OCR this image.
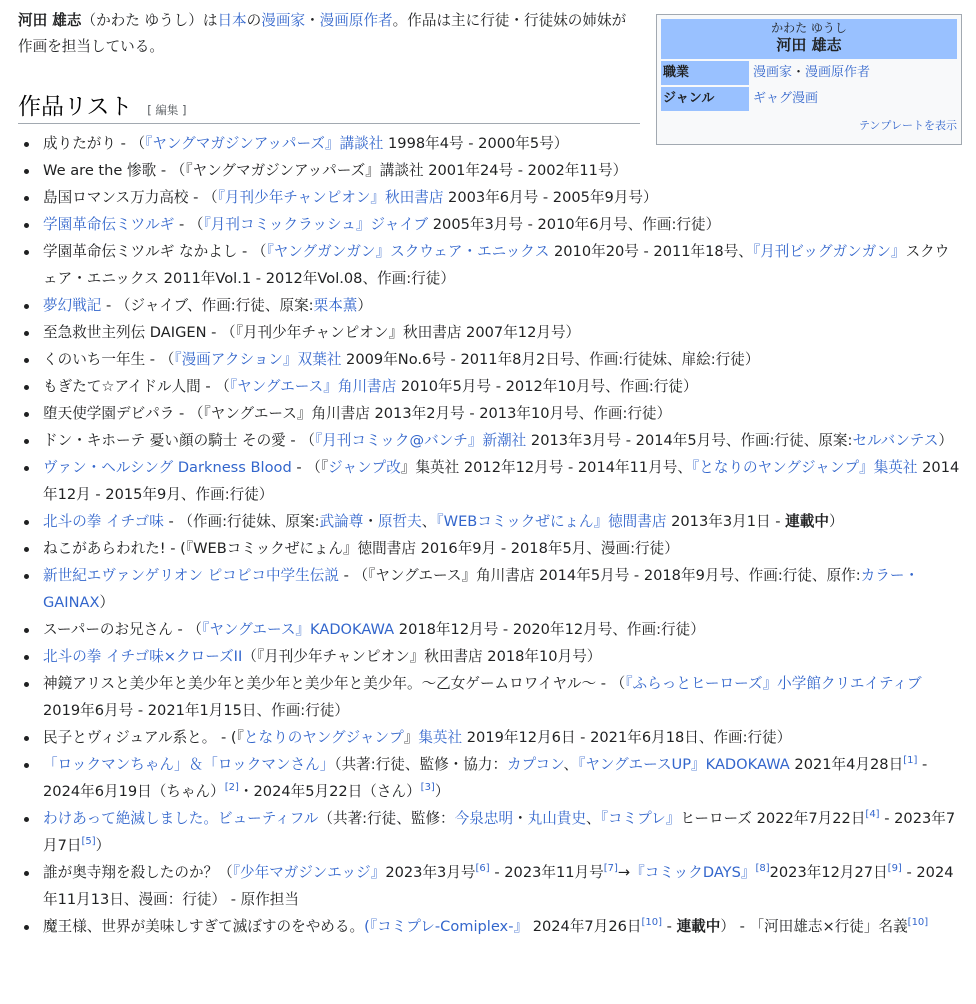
河田 雄志（かわた ゆうし）は日本の漫画家・漫画原作者。作品は主に行徒・行徒妹の姉妹が作画を担当している。
作品リスト [ 編集 ]
かわた ゆうし
河田 雄志
職業	漫画家・漫画原作者
ジャンル	ギャグ漫画
テンプレートを表示
成りたがり - （『ヤングマガジンアッパーズ』講談社 1998年4号 - 2000年5号）
We are the 惨歌 - （『ヤングマガジンアッパーズ』講談社 2001年24号 - 2002年11号）
島国ロマンス万力高校 - （『月刊少年チャンピオン』秋田書店 2003年6月号 - 2005年9月号）
学園革命伝ミツルギ - （『月刊コミックラッシュ』ジャイブ 2005年3月号 - 2010年6月号、作画:行徒）
学園革命伝ミツルギ なかよし - （『ヤングガンガン』スクウェア・エニックス 2010年20号 - 2011年18号、『月刊ビッグガンガン』スクウェア・エニックス 2011年Vol.1 - 2012年Vol.08、作画:行徒）
夢幻戦記 - （ジャイブ、作画:行徒、原案:栗本薫）
至急救世主列伝 DAIGEN - （『月刊少年チャンピオン』秋田書店 2007年12月号）
くのいち一年生 - （『漫画アクション』双葉社 2009年No.6号 - 2011年8月2日号、作画:行徒妹、扉絵:行徒）
もぎたて☆アイドル人間 - （『ヤングエース』角川書店 2010年5月号 - 2012年10月号、作画:行徒）
堕天使学園デビパラ - （『ヤングエース』角川書店 2013年2月号 - 2013年10月号、作画:行徒）
ドン・キホーテ 憂い顔の騎士 その愛 - （『月刊コミック@バンチ』新潮社 2013年3月号 - 2014年5月号、作画:行徒、原案:セルバンテス）
ヴァン・ヘルシング Darkness Blood - （『ジャンプ改』集英社 2012年12月号 - 2014年11月号、『となりのヤングジャンプ』集英社 2014年12月 - 2015年9月、作画:行徒）
北斗の拳 イチゴ味 - （作画:行徒妹、原案:武論尊・原哲夫、『WEBコミックぜにょん』徳間書店 2013年3月1日 - 連載中）
ねこがあらわれた! - (『WEBコミックぜにょん』徳間書店 2016年9月 - 2018年5月、漫画:行徒）
新世紀エヴァンゲリオン ピコピコ中学生伝説 - （『ヤングエース』角川書店 2014年5月号 - 2018年9月号、作画:行徒、原作:カラー・GAINAX）
スーパーのお兄さん - （『ヤングエース』KADOKAWA 2018年12月号 - 2020年12月号、作画:行徒）
北斗の拳 イチゴ味×クローズII（『月刊少年チャンピオン』秋田書店 2018年10月号）
神鏡アリスと美少年と美少年と美少年と美少年と美少年。～乙女ゲームロワイヤル～ - （『ふらっとヒーローズ』小学館クリエイティブ 2019年6月号 - 2021年1月15日、作画:行徒）
民子とヴィジュアル系と。 - (『となりのヤングジャンプ』集英社 2019年12月6日 - 2021年6月18日、作画:行徒）
「ロックマンちゃん」＆「ロックマンさん」（共著:行徒、監修・協力：カプコン、『ヤングエースUP』KADOKAWA 2021年4月28日[1] - 2024年6月19日（ちゃん）[2]・2024年5月22日（さん）[3]）
わけあって絶滅しました。ビューティフル（共著:行徒、監修：今泉忠明・丸山貴史、『コミプレ』ヒーローズ 2022年7月22日[4] - 2023年7月7日[5]）
誰が奥寺翔を殺したのか？（『少年マガジンエッジ』2023年3月号[6] - 2023年11月号[7]→『コミックDAYS』[8]2023年12月27日[9] - 2024年11月13日、漫画：行徒） - 原作担当
魔王様、世界が美味しすぎて滅ぼすのをやめる。(『コミプレ-Comiplex-』 2024年7月26日[10] - 連載中） - 「河田雄志×行徒」名義[10]
